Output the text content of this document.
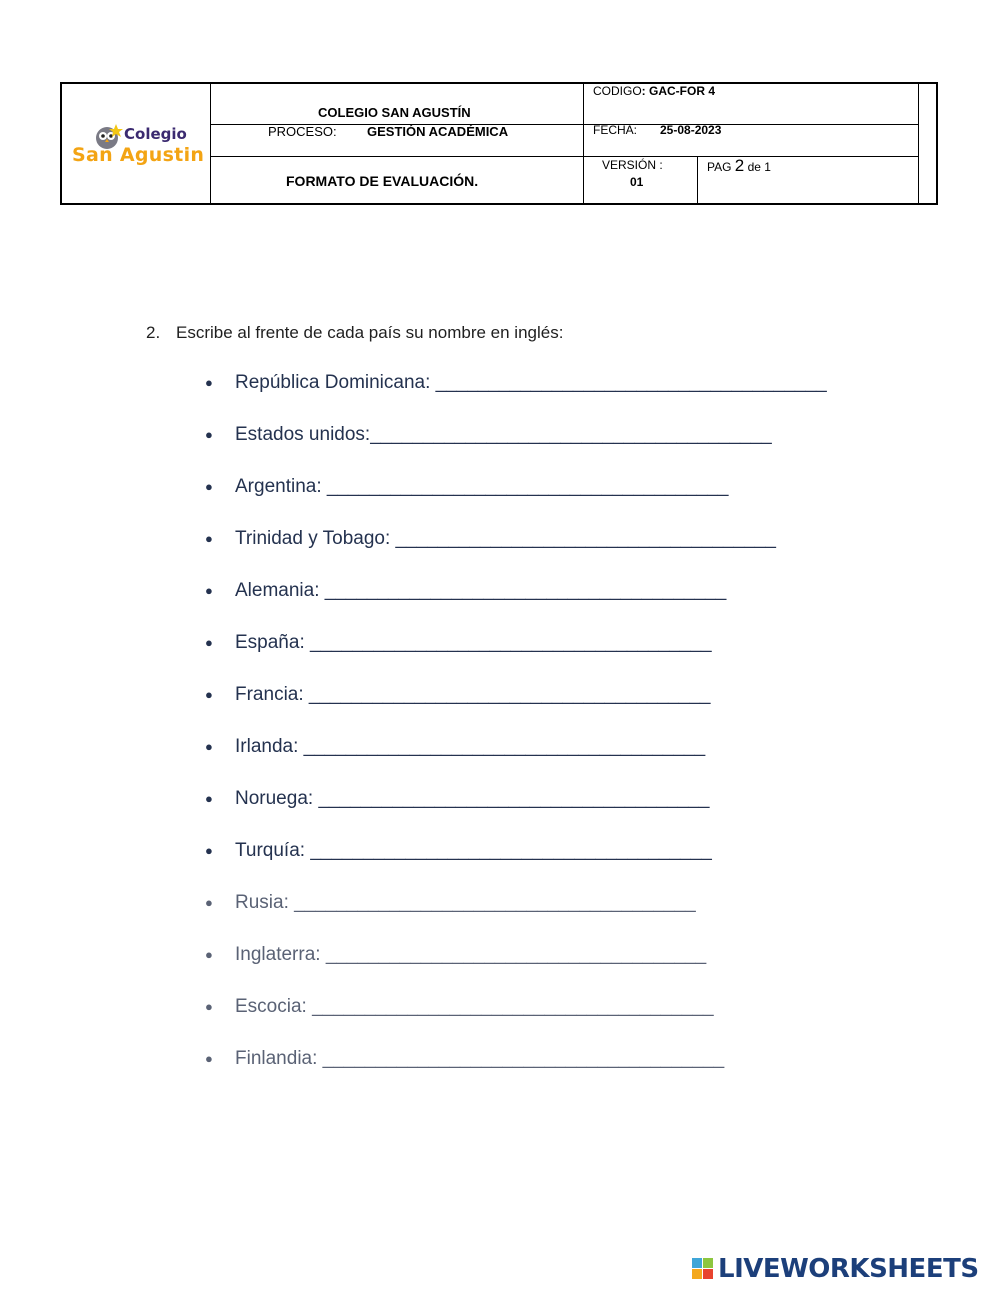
Colegio
San Agustin
COLEGIO SAN AGUSTÍN
PROCESO: GESTIÓN ACADÉMICA
FORMATO DE EVALUACIÓN.
CODIGO: GAC-FOR 4
FECHA: 25-08-2023
VERSIÓN :
01
PAG 2 de 1
2. Escribe al frente de cada país su nombre en inglés:
● República Dominicana: _____________________________________
● Estados unidos:______________________________________
● Argentina: ______________________________________
● Trinidad y Tobago: ____________________________________
● Alemania: ______________________________________
● España: ______________________________________
● Francia: ______________________________________
● Irlanda: ______________________________________
● Noruega: _____________________________________
● Turquía: ______________________________________
● Rusia: ______________________________________
● Inglaterra: ____________________________________
● Escocia: ______________________________________
● Finlandia: ______________________________________
LIVEWORKSHEETS
